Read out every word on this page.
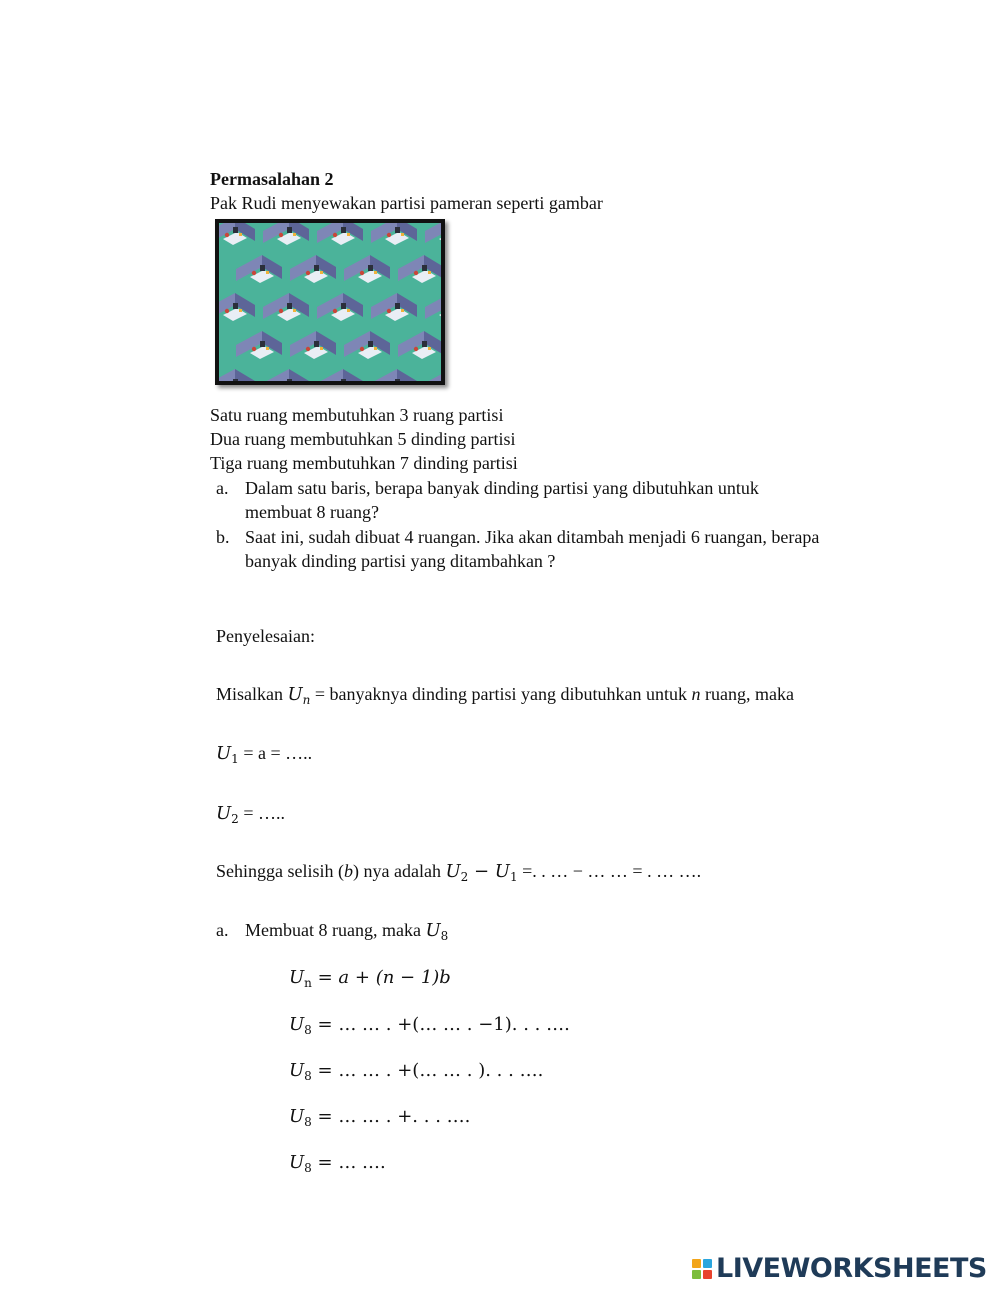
Permasalahan 2
Pak Rudi menyewakan partisi pameran seperti gambar
Satu ruang membutuhkan 3 ruang partisi
Dua ruang membutuhkan 5 dinding partisi
Tiga ruang membutuhkan 7 dinding partisi
a. Dalam satu baris, berapa banyak dinding partisi yang dibutuhkan untuk
membuat 8 ruang?
b. Saat ini, sudah dibuat 4 ruangan. Jika akan ditambah menjadi 6 ruangan, berapa
banyak dinding partisi yang ditambahkan ?
Penyelesaian:
Misalkan $U_n$ = banyaknya dinding partisi yang dibutuhkan untuk n ruang, maka
$U_1 = a$ = …..
$U_2$ = …..
Sehingga selisih (b) nya adalah $U_2 - U_1$ =. . … − … … = . … ….
a. Membuat 8 ruang, maka $U_8$
$U_n = a + (n - 1)b$
$U_8$ = … … . +(… … . −1). . . ….
$U_8$ = … … . +(… … . ). . . ….
$U_8$ = … … . +. . . ….
$U_8$ = … ….
LIVEWORKSHEETS
